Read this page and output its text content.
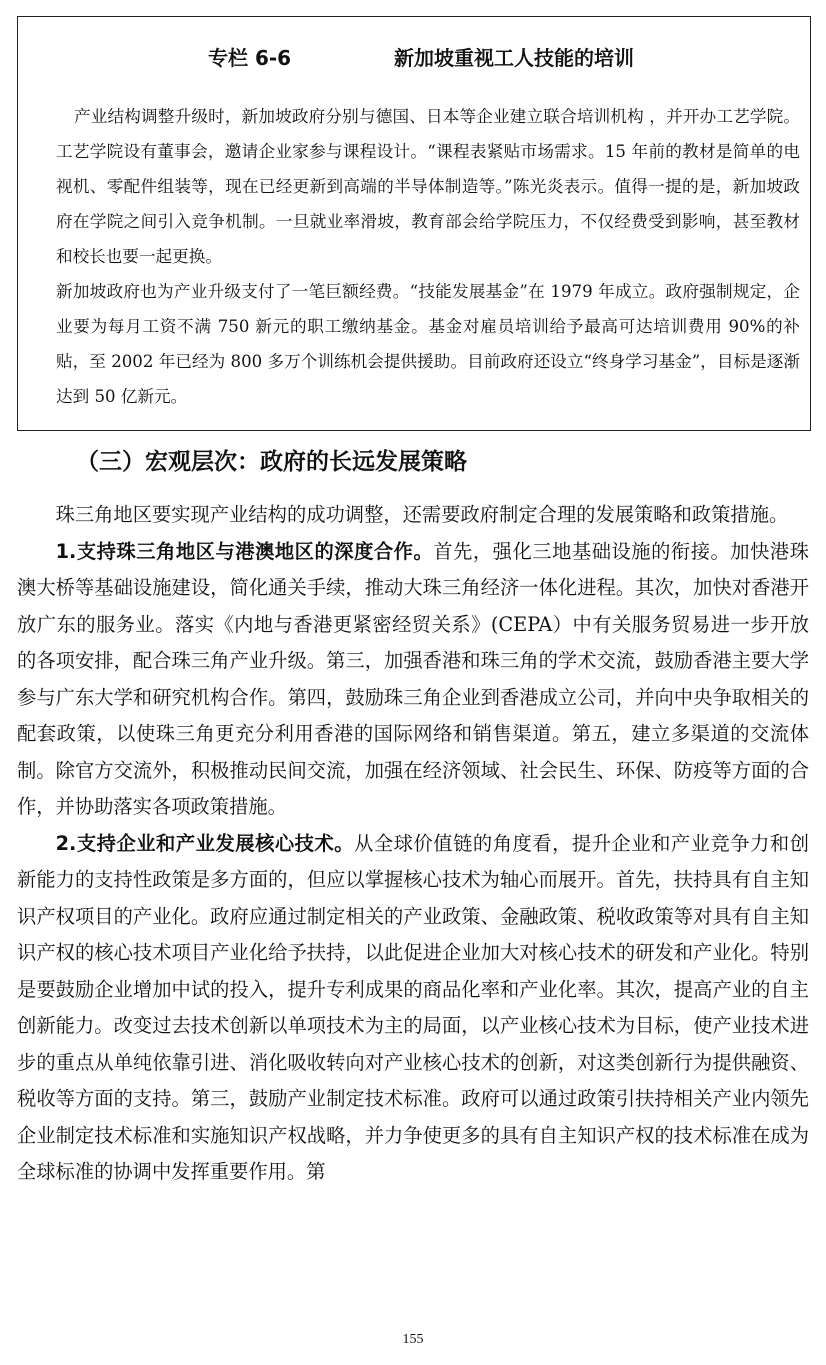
专栏 6-6	新加坡重视工人技能的培训

产业结构调整升级时，新加坡政府分别与德国、日本等企业建立联合培训机构 ，并开办工艺学院。工艺学院设有董事会，邀请企业家参与课程设计。“课程表紧贴市场需求。15 年前的教材是简单的电视机、零配件组装等，现在已经更新到高端的半导体制造等。”陈光炎表示。值得一提的是，新加坡政府在学院之间引入竞争机制。一旦就业率滑坡，教育部会给学院压力，不仅经费受到影响，甚至教材和校长也要一起更换。

新加坡政府也为产业升级支付了一笔巨额经费。“技能发展基金”在 1979 年成立。政府强制规定，企业要为每月工资不满 750 新元的职工缴纳基金。基金对雇员培训给予最高可达培训费用 90%的补贴，至 2002 年已经为 800 多万个训练机会提供援助。目前政府还设立“终身学习基金”，目标是逐渐达到 50 亿新元。

（三）宏观层次：政府的长远发展策略

珠三角地区要实现产业结构的成功调整，还需要政府制定合理的发展策略和政策措施。

1.支持珠三角地区与港澳地区的深度合作。首先，强化三地基础设施的衔接。加快港珠澳大桥等基础设施建设，简化通关手续，推动大珠三角经济一体化进程。其次，加快对香港开放广东的服务业。落实《内地与香港更紧密经贸关系》(CEPA）中有关服务贸易进一步开放的各项安排，配合珠三角产业升级。第三，加强香港和珠三角的学术交流，鼓励香港主要大学参与广东大学和研究机构合作。第四，鼓励珠三角企业到香港成立公司，并向中央争取相关的配套政策，以使珠三角更充分利用香港的国际网络和销售渠道。第五，建立多渠道的交流体制。除官方交流外，积极推动民间交流，加强在经济领域、社会民生、环保、防疫等方面的合作，并协助落实各项政策措施。

2.支持企业和产业发展核心技术。从全球价值链的角度看，提升企业和产业竞争力和创新能力的支持性政策是多方面的，但应以掌握核心技术为轴心而展开。首先，扶持具有自主知识产权项目的产业化。政府应通过制定相关的产业政策、金融政策、税收政策等对具有自主知识产权的核心技术项目产业化给予扶持，以此促进企业加大对核心技术的研发和产业化。特别是要鼓励企业增加中试的投入，提升专利成果的商品化率和产业化率。其次，提高产业的自主创新能力。改变过去技术创新以单项技术为主的局面，以产业核心技术为目标，使产业技术进步的重点从单纯依靠引进、消化吸收转向对产业核心技术的创新，对这类创新行为提供融资、税收等方面的支持。第三，鼓励产业制定技术标准。政府可以通过政策引扶持相关产业内领先企业制定技术标准和实施知识产权战略，并力争使更多的具有自主知识产权的技术标准在成为全球标准的协调中发挥重要作用。第

155
